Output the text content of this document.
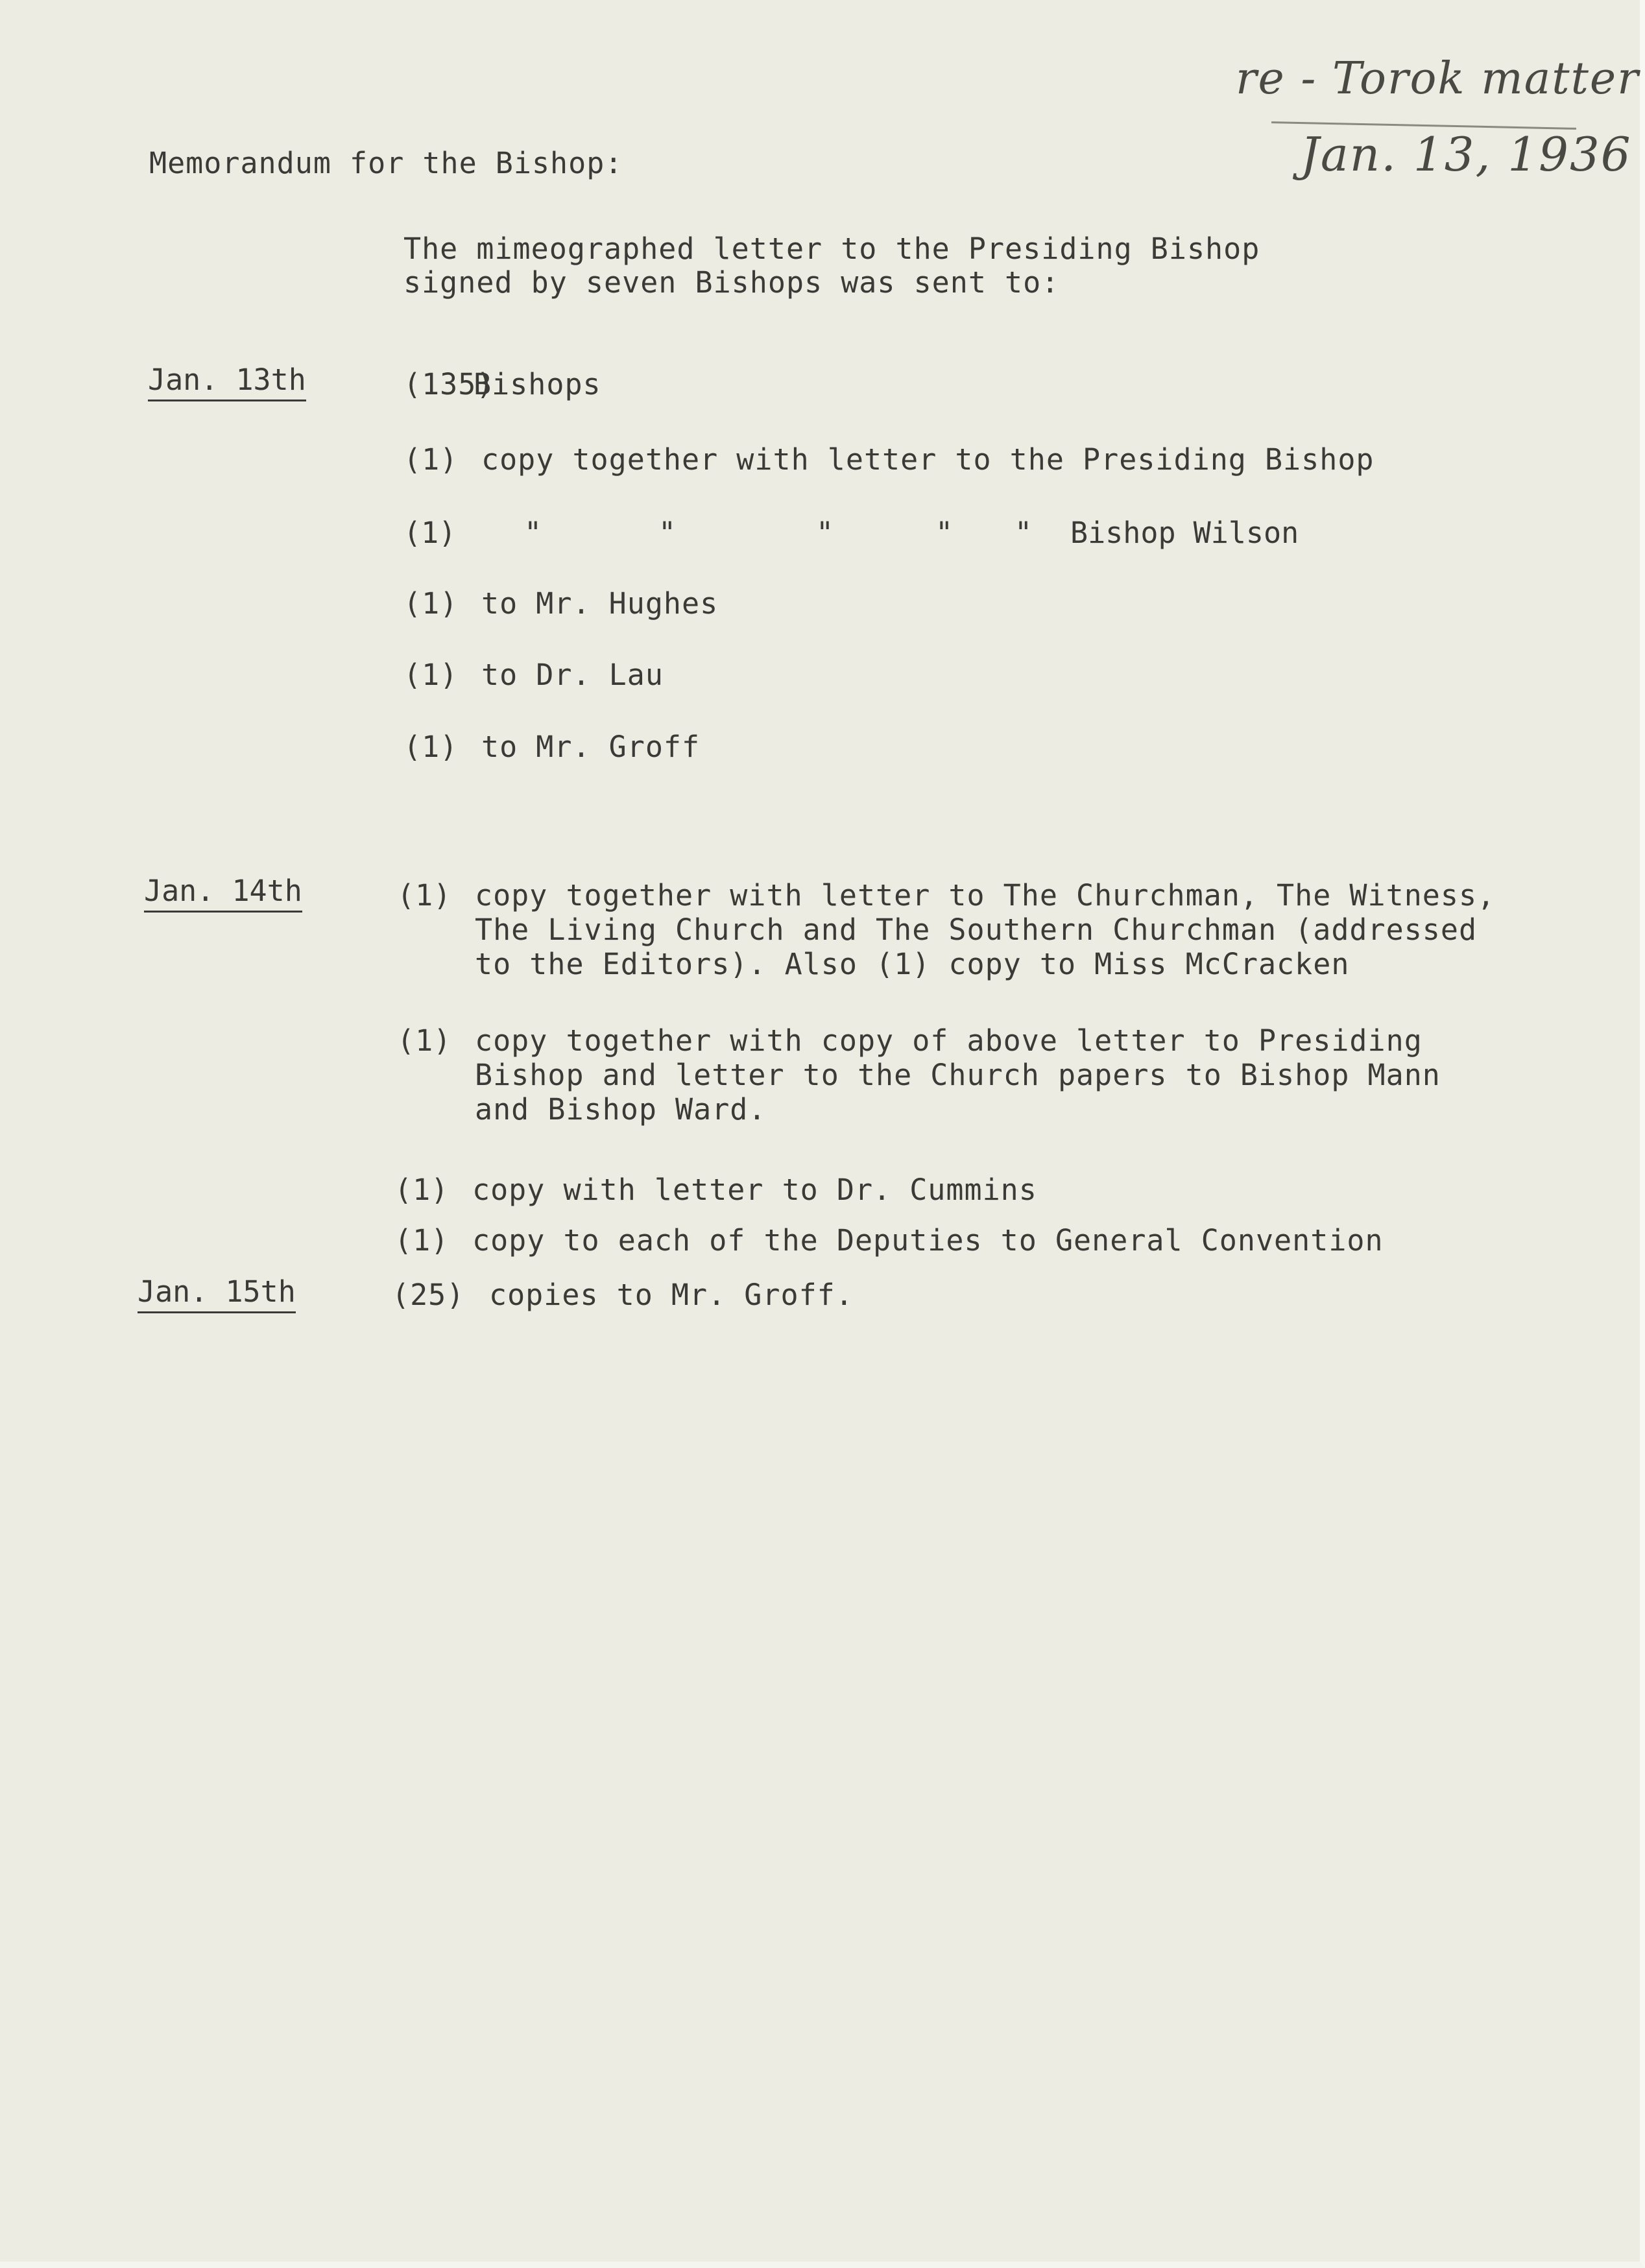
re - Torok matter
Jan. 13, 1936
Memorandum for the Bishop:
The mimeographed letter to the Presiding Bishop
signed by seven Bishops was sent to:
Jan. 13th	(135)Bishops
(1) copy together with letter to the Presiding Bishop
(1) "	"	"	" " Bishop Wilson
(1) to Mr. Hughes
(1) to Dr. Lau
(1) to Mr. Groff
Jan. 14th	(1) copy together with letter to The Churchman, The Witness,
The Living Church and The Southern Churchman (addressed
to the Editors). Also (1) copy to Miss McCracken
(1) copy together with copy of above letter to Presiding
Bishop and letter to the Church papers to Bishop Mann
and Bishop Ward.
(1) copy with letter to Dr. Cummins
(1) copy to each of the Deputies to General Convention
Jan. 15th	(25) copies to Mr. Groff.
